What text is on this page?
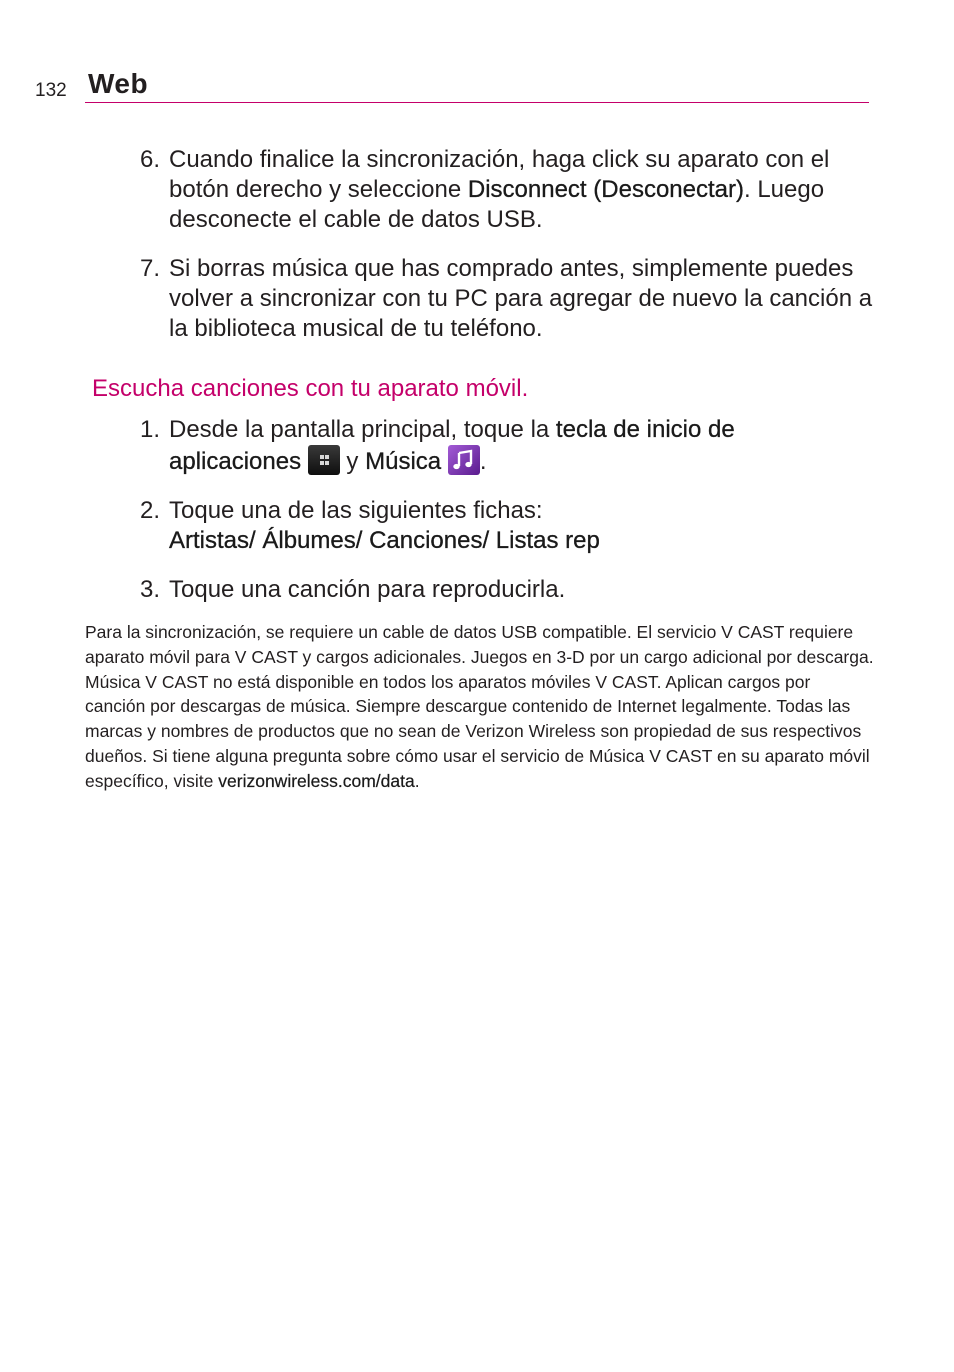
132 Web
6. Cuando finalice la sincronización, haga click su aparato con el botón derecho y seleccione Disconnect (Desconectar). Luego desconecte el cable de datos USB.
7. Si borras música que has comprado antes, simplemente puedes volver a sincronizar con tu PC para agregar de nuevo la canción a la biblioteca musical de tu teléfono.
Escucha canciones con tu aparato móvil.
1. Desde la pantalla principal, toque la tecla de inicio de aplicaciones
y Música .
2. Toque una de las siguientes fichas:
Artistas/ Álbumes/ Canciones/ Listas rep
3. Toque una canción para reproducirla.
Para la sincronización, se requiere un cable de datos USB compatible. El servicio V CAST requiere aparato móvil para V CAST y cargos adicionales. Juegos en 3-D por un cargo adicional por descarga. Música V CAST no está disponible en todos los aparatos móviles V CAST. Aplican cargos por canción por descargas de música. Siempre descargue contenido de Internet legalmente. Todas las marcas y nombres de productos que no sean de Verizon Wireless son propiedad de sus respectivos dueños. Si tiene alguna pregunta sobre cómo usar el servicio de Música V CAST en su aparato móvil específico, visite verizonwireless.com/data.
